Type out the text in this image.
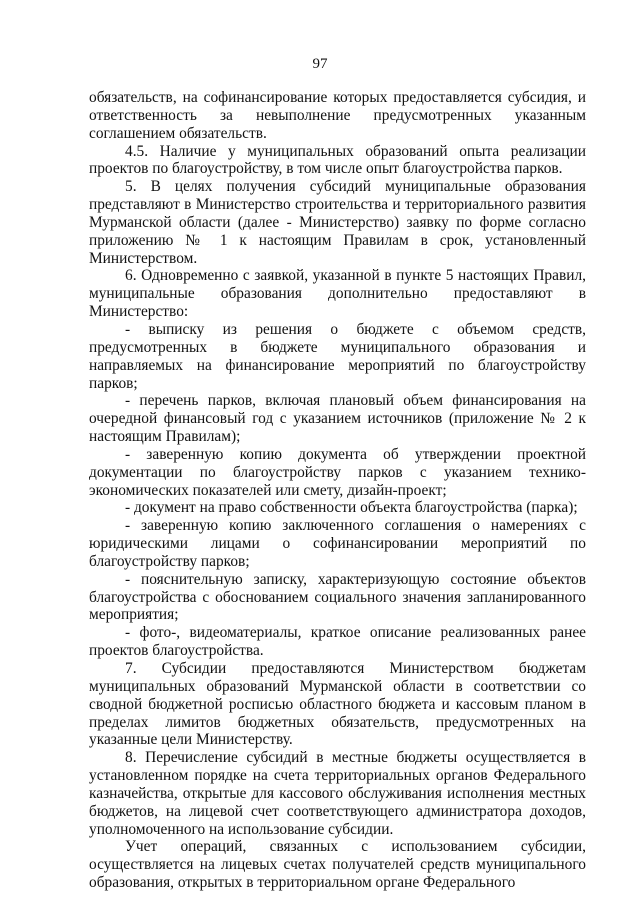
97

обязательств, на софинансирование которых предоставляется субсидия, и ответственность за невыполнение предусмотренных указанным соглашением обязательств.

4.5. Наличие у муниципальных образований опыта реализации проектов по благоустройству, в том числе опыт благоустройства парков.

5. В целях получения субсидий муниципальные образования представляют в Министерство строительства и территориального развития Мурманской области (далее - Министерство) заявку по форме согласно приложению № 1 к настоящим Правилам в срок, установленный Министерством.

6. Одновременно с заявкой, указанной в пункте 5 настоящих Правил, муниципальные образования дополнительно предоставляют в Министерство:

- выписку из решения о бюджете с объемом средств, предусмотренных в бюджете муниципального образования и направляемых на финансирование мероприятий по благоустройству парков;

- перечень парков, включая плановый объем финансирования на очередной финансовый год с указанием источников (приложение № 2 к настоящим Правилам);

- заверенную копию документа об утверждении проектной документации по благоустройству парков с указанием технико-экономических показателей или смету, дизайн-проект;

- документ на право собственности объекта благоустройства (парка);

- заверенную копию заключенного соглашения о намерениях с юридическими лицами о софинансировании мероприятий по благоустройству парков;

- пояснительную записку, характеризующую состояние объектов благоустройства с обоснованием социального значения запланированного мероприятия;

- фото-, видеоматериалы, краткое описание реализованных ранее проектов благоустройства.

7. Субсидии предоставляются Министерством бюджетам муниципальных образований Мурманской области в соответствии со сводной бюджетной росписью областного бюджета и кассовым планом в пределах лимитов бюджетных обязательств, предусмотренных на указанные цели Министерству.

8. Перечисление субсидий в местные бюджеты осуществляется в установленном порядке на счета территориальных органов Федерального казначейства, открытые для кассового обслуживания исполнения местных бюджетов, на лицевой счет соответствующего администратора доходов, уполномоченного на использование субсидии.

Учет операций, связанных с использованием субсидии, осуществляется на лицевых счетах получателей средств муниципального образования, открытых в территориальном органе Федерального
